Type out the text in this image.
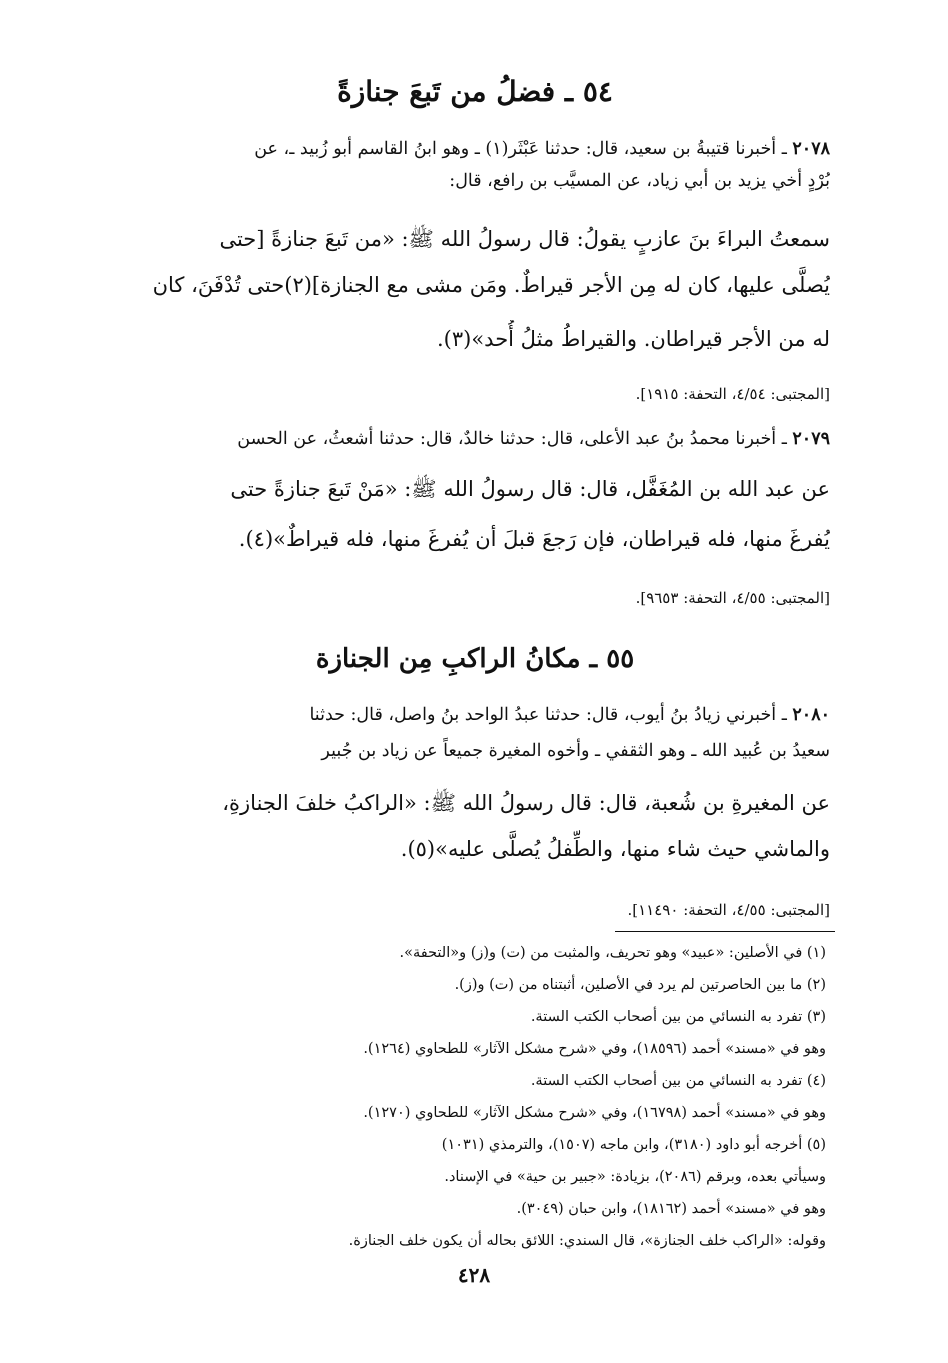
٥٤ ـ فضلُ من تَبعَ جنازةً
٢٠٧٨ ـ أخبرنا قتيبةُ بن سعيد، قال: حدثنا عَبْثَر(١) ـ وهو ابنُ القاسم أبو زُبيد ـ، عن
بُرْدٍ أخي يزيد بن أبي زياد، عن المسيَّب بن رافع، قال:
سمعتُ البراءَ بنَ عازبٍ يقولُ: قال رسولُ الله ﷺ: «من تَبعَ جنازةً [حتى
يُصلَّى عليها، كان له مِن الأجر قيراطٌ. ومَن مشى مع الجنازة](٢)حتى تُدْفَنَ، كان
له من الأجر قيراطان. والقيراطُ مثلُ أُحد»(٣).
[المجتبى: ٤/٥٤، التحفة: ١٩١٥].
٢٠٧٩ ـ أخبرنا محمدُ بنُ عبد الأعلى، قال: حدثنا خالدٌ، قال: حدثنا أشعثُ، عن الحسن
عن عبد الله بن المُغَفَّل، قال: قال رسولُ الله ﷺ: «مَنْ تَبعَ جنازةً حتى
يُفرغَ منها، فله قيراطان، فإن رَجعَ قبلَ أن يُفرغَ منها، فله قيراطٌ»(٤).
[المجتبى: ٤/٥٥، التحفة: ٩٦٥٣].
٥٥ ـ مكانُ الراكبِ مِن الجنازة
٢٠٨٠ ـ أخبرني زيادُ بنُ أيوب، قال: حدثنا عبدُ الواحد بنُ واصل، قال: حدثنا
سعيدُ بن عُبيد الله ـ وهو الثقفي ـ وأخوه المغيرة جميعاً عن زياد بن جُبير
عن المغيرةِ بن شُعبة، قال: قال رسولُ الله ﷺ: «الراكبُ خلفَ الجنازةِ،
والماشي حيث شاء منها، والطِّفلُ يُصلَّى عليه»(٥).
[المجتبى: ٤/٥٥، التحفة: ١١٤٩٠].
(١) في الأصلين: «عبيد» وهو تحريف، والمثبت من (ت) و(ز) و«التحفة».
(٢) ما بين الحاصرتين لم يرد في الأصلين، أثبتناه من (ت) و(ز).
(٣) تفرد به النسائي من بين أصحاب الكتب الستة.
وهو في «مسند» أحمد (١٨٥٩٦)، وفي «شرح مشكل الآثار» للطحاوي (١٢٦٤).
(٤) تفرد به النسائي من بين أصحاب الكتب الستة.
وهو في «مسند» أحمد (١٦٧٩٨)، وفي «شرح مشكل الآثار» للطحاوي (١٢٧٠).
(٥) أخرجه أبو داود (٣١٨٠)، وابن ماجه (١٥٠٧)، والترمذي (١٠٣١)
وسيأتي بعده، وبرقم (٢٠٨٦)، بزيادة: «جبير بن حية» في الإسناد.
وهو في «مسند» أحمد (١٨١٦٢)، وابن حبان (٣٠٤٩).
وقوله: «الراكب خلف الجنازة»، قال السندي: اللائق بحاله أن يكون خلف الجنازة.
٤٢٨
